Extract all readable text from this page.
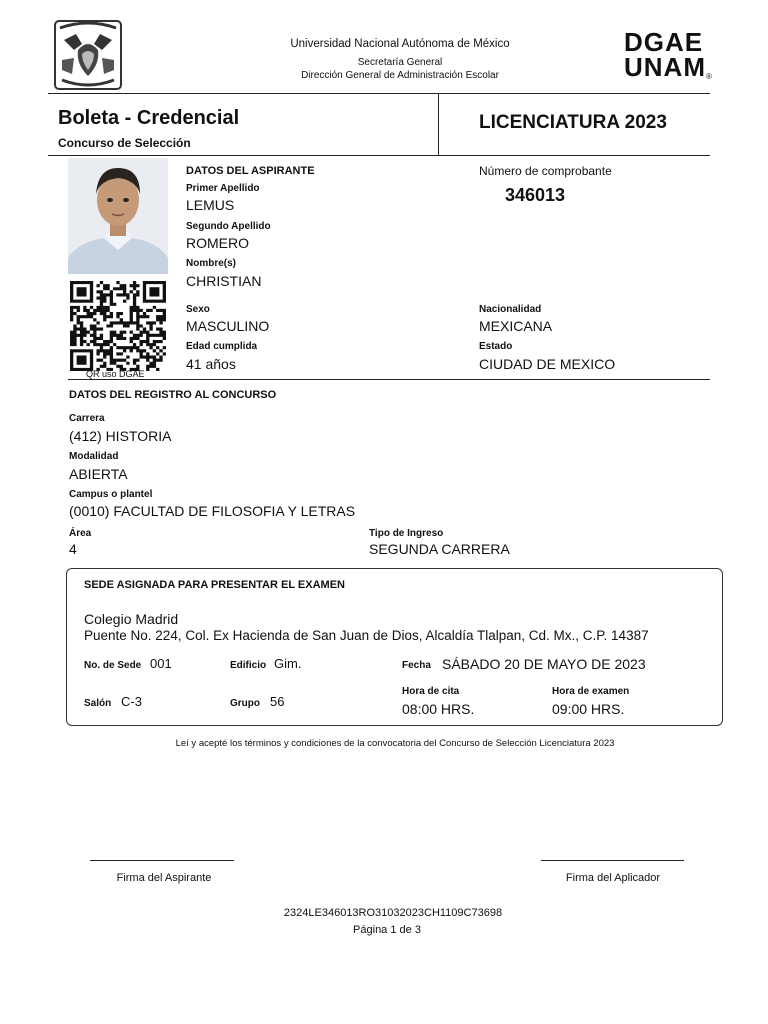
Universidad Nacional Autónoma de México
Secretaría General
Dirección General de Administración Escolar
DGAE
UNAM®
Boleta - Credencial
Concurso de Selección
LICENCIATURA 2023
QR uso DGAE
DATOS DEL ASPIRANTE
Primer Apellido
LEMUS
Segundo Apellido
ROMERO
Nombre(s)
CHRISTIAN
Sexo
MASCULINO
Edad cumplida
41 años
Número de comprobante
346013
Nacionalidad
MEXICANA
Estado
CIUDAD DE MEXICO
DATOS DEL REGISTRO AL CONCURSO
Carrera
(412) HISTORIA
Modalidad
ABIERTA
Campus o plantel
(0010) FACULTAD DE FILOSOFIA Y LETRAS
Área
4
Tipo de Ingreso
SEGUNDA CARRERA
SEDE ASIGNADA PARA PRESENTAR EL EXAMEN
Colegio Madrid
Puente No. 224, Col. Ex Hacienda de San Juan de Dios, Alcaldía Tlalpan, Cd. Mx., C.P. 14387
No. de Sede 001	Edificio Gim.	Fecha SÁBADO 20 DE MAYO DE 2023
Salón C-3	Grupo 56
Hora de cita
08:00 HRS.
Hora de examen
09:00 HRS.
Leí y acepté los términos y condiciones de la convocatoria del Concurso de Selección Licenciatura 2023
Firma del Aspirante	Firma del Aplicador
2324LE346013RO31032023CH1109C73698
Página 1 de 3
